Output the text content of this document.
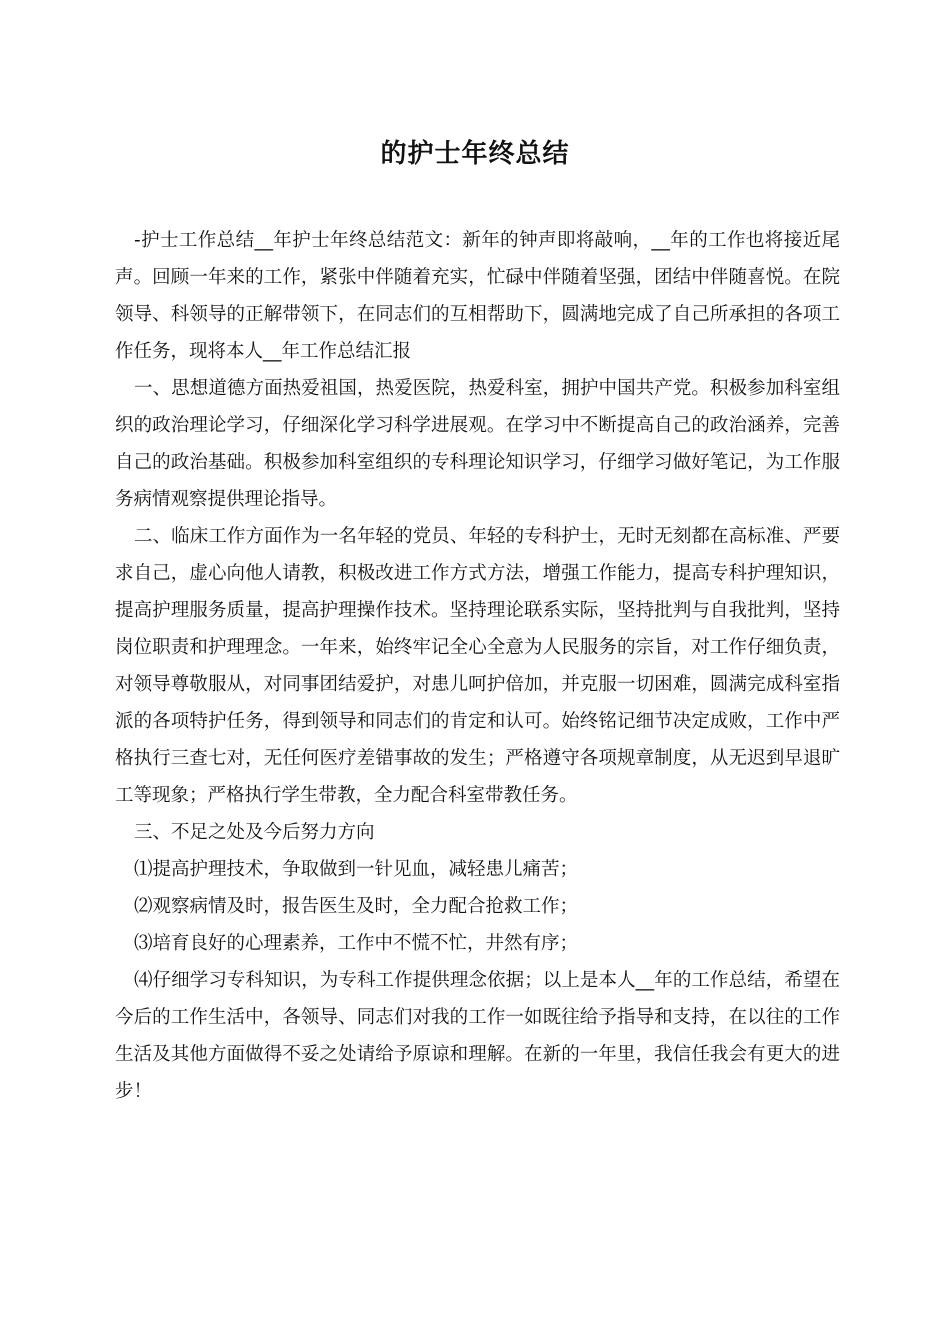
的护士年终总结

-护士工作总结__年护士年终总结范文：新年的钟声即将敲响，__年的工作也将接近尾声。回顾一年来的工作，紧张中伴随着充实，忙碌中伴随着坚强，团结中伴随喜悦。在院领导、科领导的正解带领下，在同志们的互相帮助下，圆满地完成了自己所承担的各项工作任务，现将本人__年工作总结汇报

一、思想道德方面热爱祖国，热爱医院，热爱科室，拥护中国共产党。积极参加科室组织的政治理论学习，仔细深化学习科学进展观。在学习中不断提高自己的政治涵养，完善自己的政治基础。积极参加科室组织的专科理论知识学习，仔细学习做好笔记，为工作服务病情观察提供理论指导。

二、临床工作方面作为一名年轻的党员、年轻的专科护士，无时无刻都在高标准、严要求自己，虚心向他人请教，积极改进工作方式方法，增强工作能力，提高专科护理知识，提高护理服务质量，提高护理操作技术。坚持理论联系实际，坚持批判与自我批判，坚持岗位职责和护理理念。一年来，始终牢记全心全意为人民服务的宗旨，对工作仔细负责，对领导尊敬服从，对同事团结爱护，对患儿呵护倍加，并克服一切困难，圆满完成科室指派的各项特护任务，得到领导和同志们的肯定和认可。始终铭记细节决定成败，工作中严格执行三查七对，无任何医疗差错事故的发生；严格遵守各项规章制度，从无迟到早退旷工等现象；严格执行学生带教，全力配合科室带教任务。

三、不足之处及今后努力方向

⑴提高护理技术，争取做到一针见血，减轻患儿痛苦；

⑵观察病情及时，报告医生及时，全力配合抢救工作；

⑶培育良好的心理素养，工作中不慌不忙，井然有序；

⑷仔细学习专科知识，为专科工作提供理念依据；以上是本人__年的工作总结，希望在今后的工作生活中，各领导、同志们对我的工作一如既往给予指导和支持，在以往的工作生活及其他方面做得不妥之处请给予原谅和理解。在新的一年里，我信任我会有更大的进步！
